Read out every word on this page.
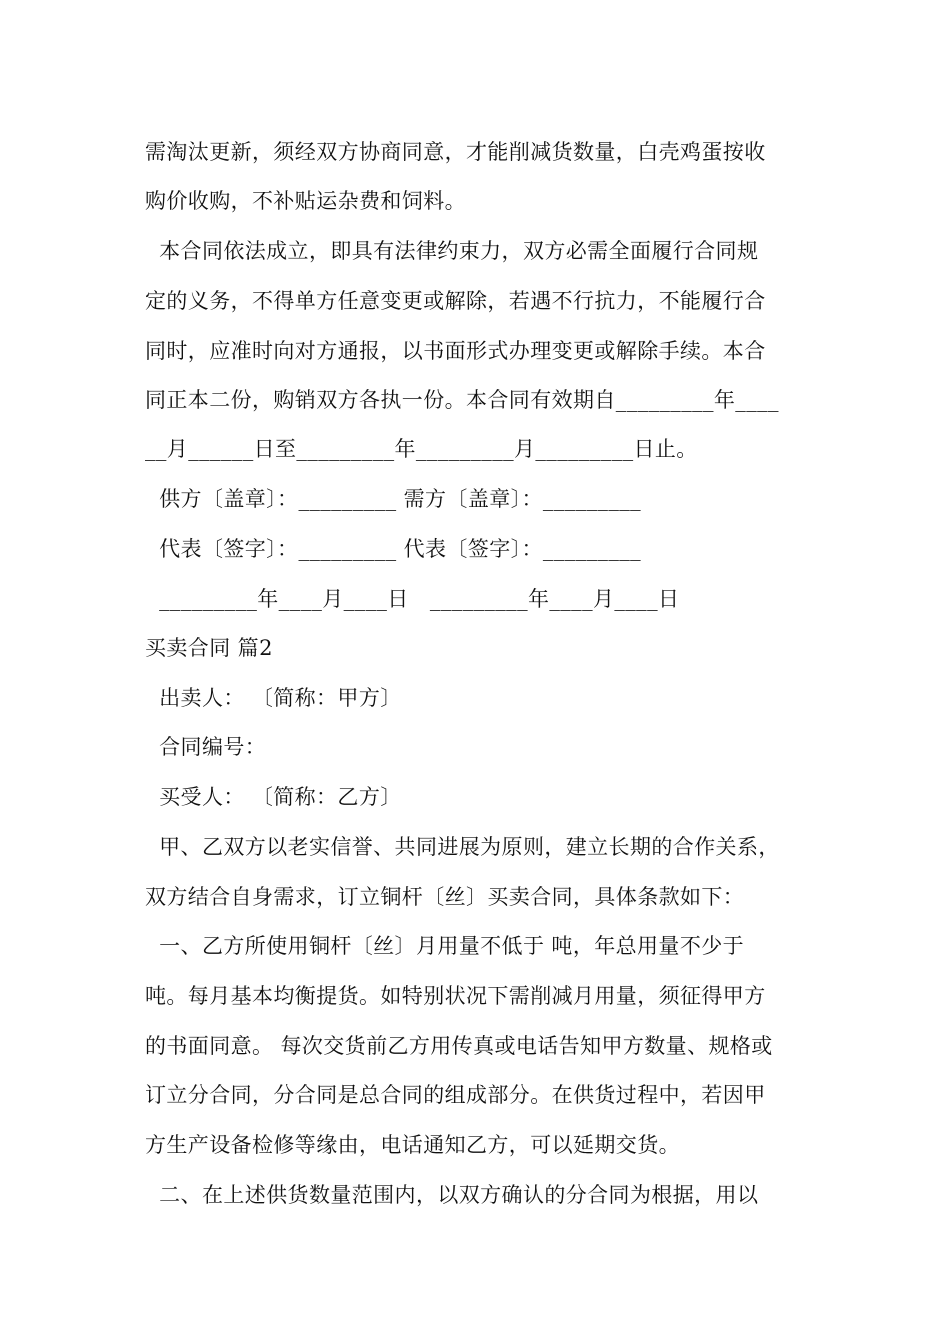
需淘汰更新，须经双方协商同意，才能削减货数量，白壳鸡蛋按收
购价收购，不补贴运杂费和饲料。
本合同依法成立，即具有法律约束力，双方必需全面履行合同规
定的义务，不得单方任意变更或解除，若遇不行抗力，不能履行合
同时，应准时向对方通报，以书面形式办理变更或解除手续。本合
同正本二份，购销双方各执一份。本合同有效期自_________年____
__月______日至_________年_________月_________日止。
供方〔盖章〕：_________ 需方〔盖章〕：_________
代表〔签字〕：_________ 代表〔签字〕：_________
_________年____月____日   _________年____月____日
买卖合同 篇2
出卖人： 〔简称：甲方〕
合同编号：
买受人： 〔简称：乙方〕
甲、乙双方以老实信誉、共同进展为原则，建立长期的合作关系，
双方结合自身需求，订立铜杆〔丝〕买卖合同，具体条款如下：
一、乙方所使用铜杆〔丝〕月用量不低于 吨，年总用量不少于
吨。每月基本均衡提货。如特别状况下需削减月用量，须征得甲方
的书面同意。 每次交货前乙方用传真或电话告知甲方数量、规格或
订立分合同，分合同是总合同的组成部分。在供货过程中，若因甲
方生产设备检修等缘由，电话通知乙方，可以延期交货。
二、在上述供货数量范围内，以双方确认的分合同为根据，用以
